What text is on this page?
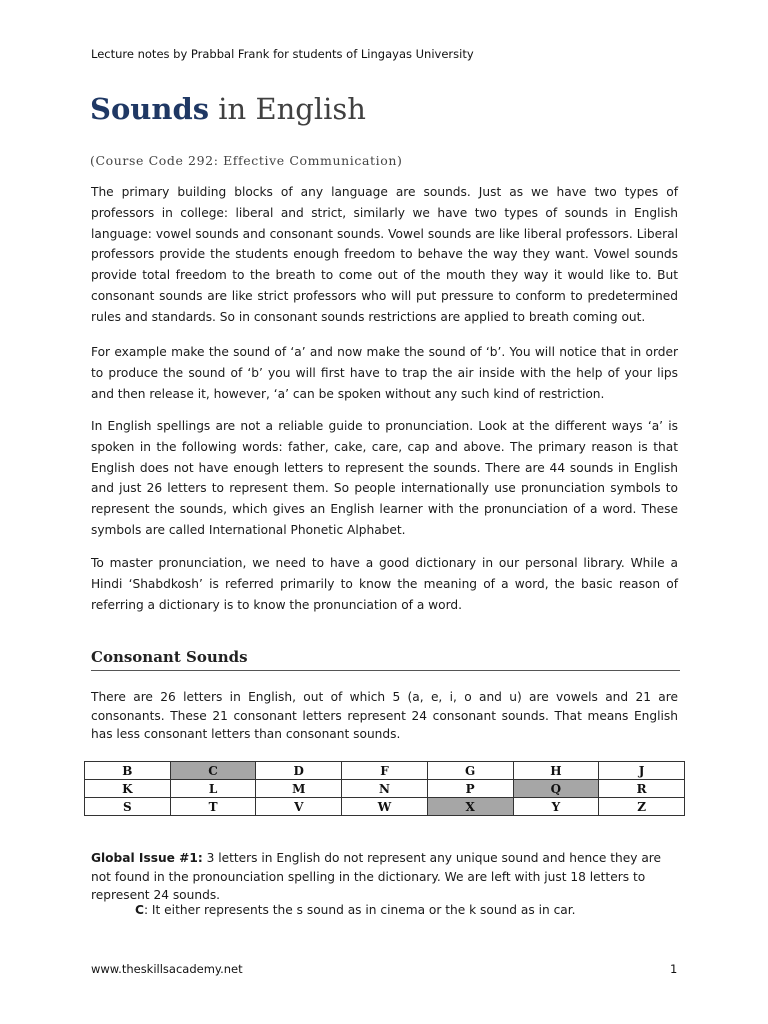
Lecture notes by Prabbal Frank for students of Lingayas University
Sounds in English
(Course Code 292: Effective Communication)

The primary building blocks of any language are sounds. Just as we have two types of professors in college: liberal and strict, similarly we have two types of sounds in English language: vowel sounds and consonant sounds. Vowel sounds are like liberal professors. Liberal professors provide the students enough freedom to behave the way they want. Vowel sounds provide total freedom to the breath to come out of the mouth they way it would like to. But consonant sounds are like strict professors who will put pressure to conform to predetermined rules and standards. So in consonant sounds restrictions are applied to breath coming out.

For example make the sound of ‘a’ and now make the sound of ‘b’. You will notice that in order to produce the sound of ‘b’ you will first have to trap the air inside with the help of your lips and then release it, however, ‘a’ can be spoken without any such kind of restriction.

In English spellings are not a reliable guide to pronunciation. Look at the different ways ‘a’ is spoken in the following words: father, cake, care, cap and above. The primary reason is that English does not have enough letters to represent the sounds. There are 44 sounds in English and just 26 letters to represent them. So people internationally use pronunciation symbols to represent the sounds, which gives an English learner with the pronunciation of a word. These symbols are called International Phonetic Alphabet.

To master pronunciation, we need to have a good dictionary in our personal library. While a Hindi ‘Shabdkosh’ is referred primarily to know the meaning of a word, the basic reason of referring a dictionary is to know the pronunciation of a word.

Consonant Sounds

There are 26 letters in English, out of which 5 (a, e, i, o and u) are vowels and 21 are consonants. These 21 consonant letters represent 24 consonant sounds. That means English has less consonant letters than consonant sounds.

B	C	D	F	G	H	J
K	L	M	N	P	Q	R
S	T	V	W	X	Y	Z

Global Issue #1: 3 letters in English do not represent any unique sound and hence they are not found in the pronounciation spelling in the dictionary. We are left with just 18 letters to represent 24 sounds.

C: It either represents the s sound as in cinema or the k sound as in car.
www.theskillsacademy.net	1
